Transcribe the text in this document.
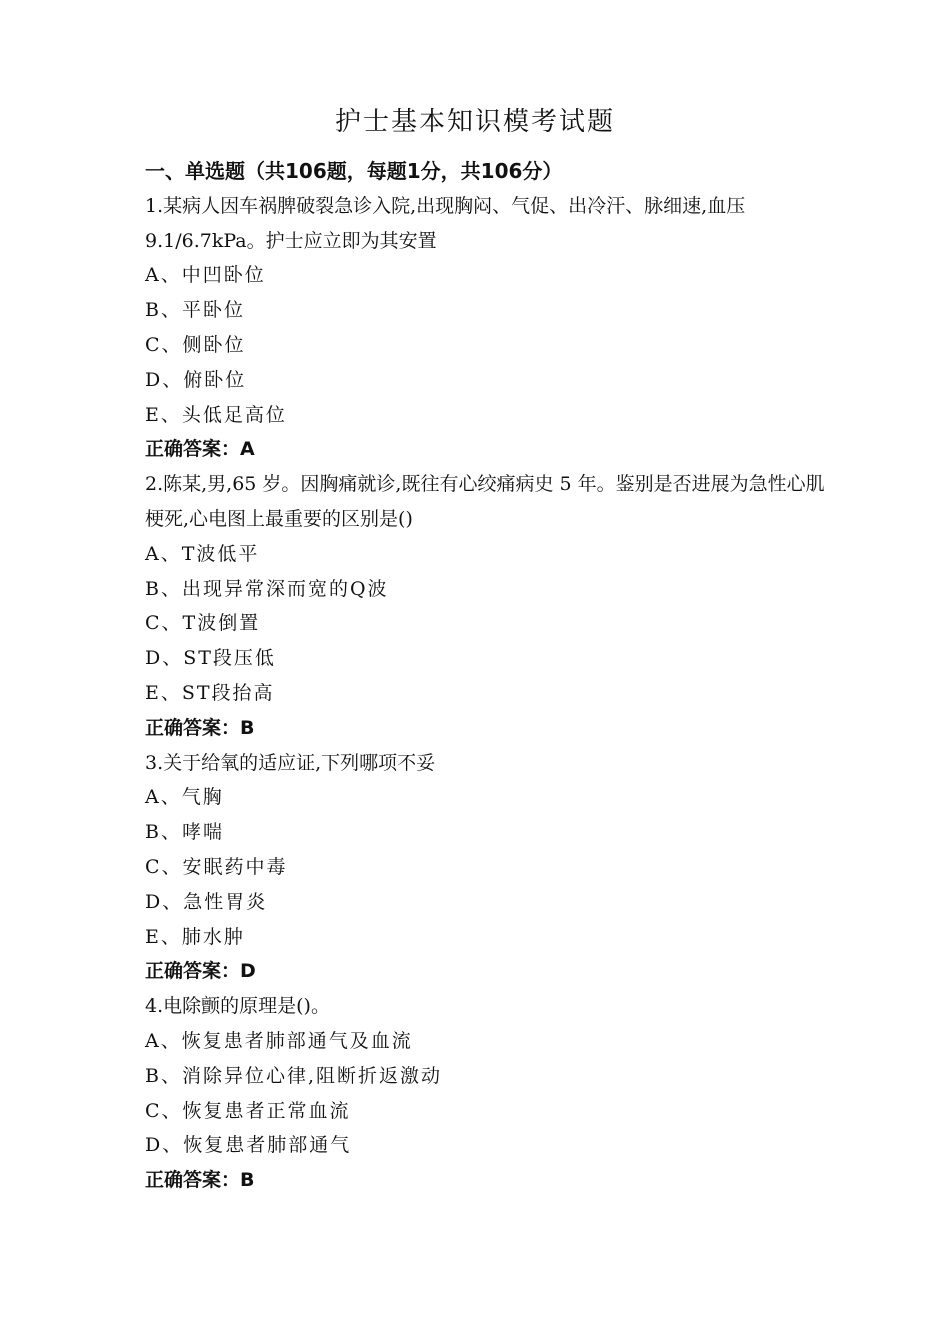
护士基本知识模考试题
一、单选题（共106题，每题1分，共106分）
1.某病人因车祸脾破裂急诊入院,出现胸闷、气促、出冷汗、脉细速,血压9.1/6.7kPa。护士应立即为其安置
A、中凹卧位
B、平卧位
C、侧卧位
D、俯卧位
E、头低足高位
正确答案：A
2.陈某,男,65 岁。因胸痛就诊,既往有心绞痛病史 5 年。鉴别是否进展为急性心肌梗死,心电图上最重要的区别是()
A、T波低平
B、出现异常深而宽的Q波
C、T波倒置
D、ST段压低
E、ST段抬高
正确答案：B
3.关于给氧的适应证,下列哪项不妥
A、气胸
B、哮喘
C、安眠药中毒
D、急性胃炎
E、肺水肿
正确答案：D
4.电除颤的原理是()。
A、恢复患者肺部通气及血流
B、消除异位心律,阻断折返激动
C、恢复患者正常血流
D、恢复患者肺部通气
正确答案：B
